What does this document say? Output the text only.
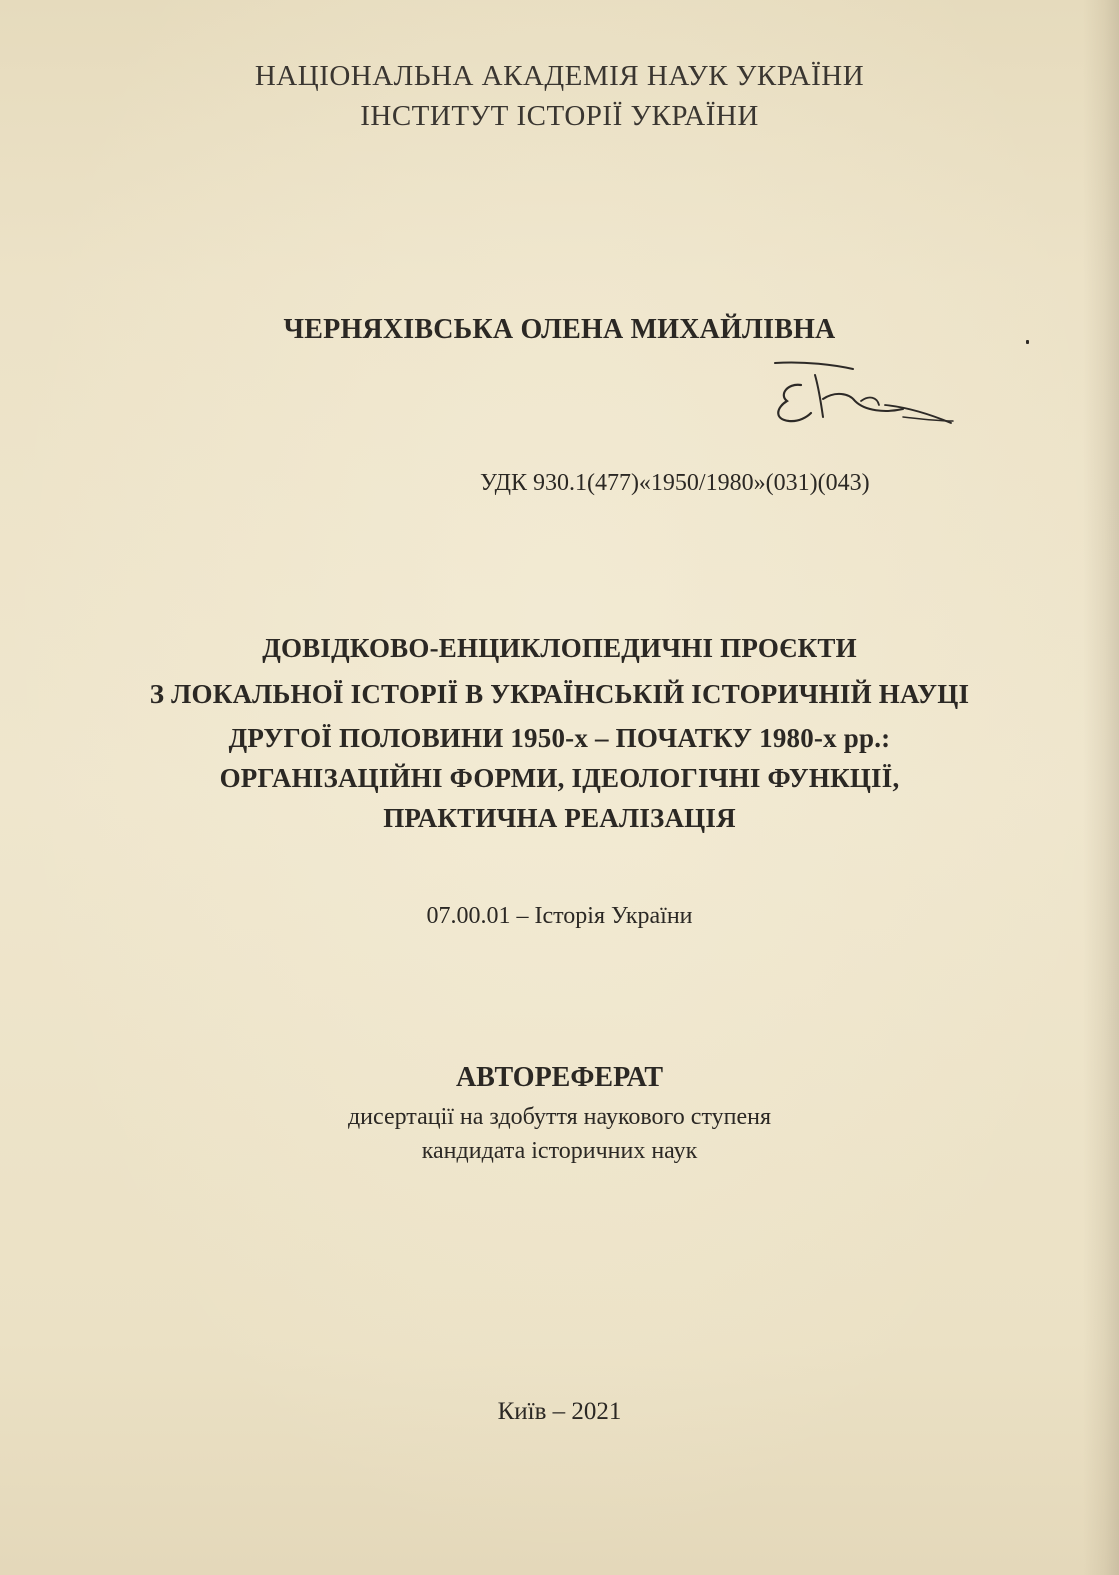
НАЦІОНАЛЬНА АКАДЕМІЯ НАУК УКРАЇНИ
ІНСТИТУТ ІСТОРІЇ УКРАЇНИ
ЧЕРНЯХІВСЬКА ОЛЕНА МИХАЙЛІВНА
УДК 930.1(477)«1950/1980»(031)(043)
ДОВІДКОВО-ЕНЦИКЛОПЕДИЧНІ ПРОЄКТИ
З ЛОКАЛЬНОЇ ІСТОРІЇ В УКРАЇНСЬКІЙ ІСТОРИЧНІЙ НАУЦІ
ДРУГОЇ ПОЛОВИНИ 1950-х – ПОЧАТКУ 1980-х рр.:
ОРГАНІЗАЦІЙНІ ФОРМИ, ІДЕОЛОГІЧНІ ФУНКЦІЇ,
ПРАКТИЧНА РЕАЛІЗАЦІЯ
07.00.01 – Історія України
АВТОРЕФЕРАТ
дисертації на здобуття наукового ступеня
кандидата історичних наук
Київ – 2021
